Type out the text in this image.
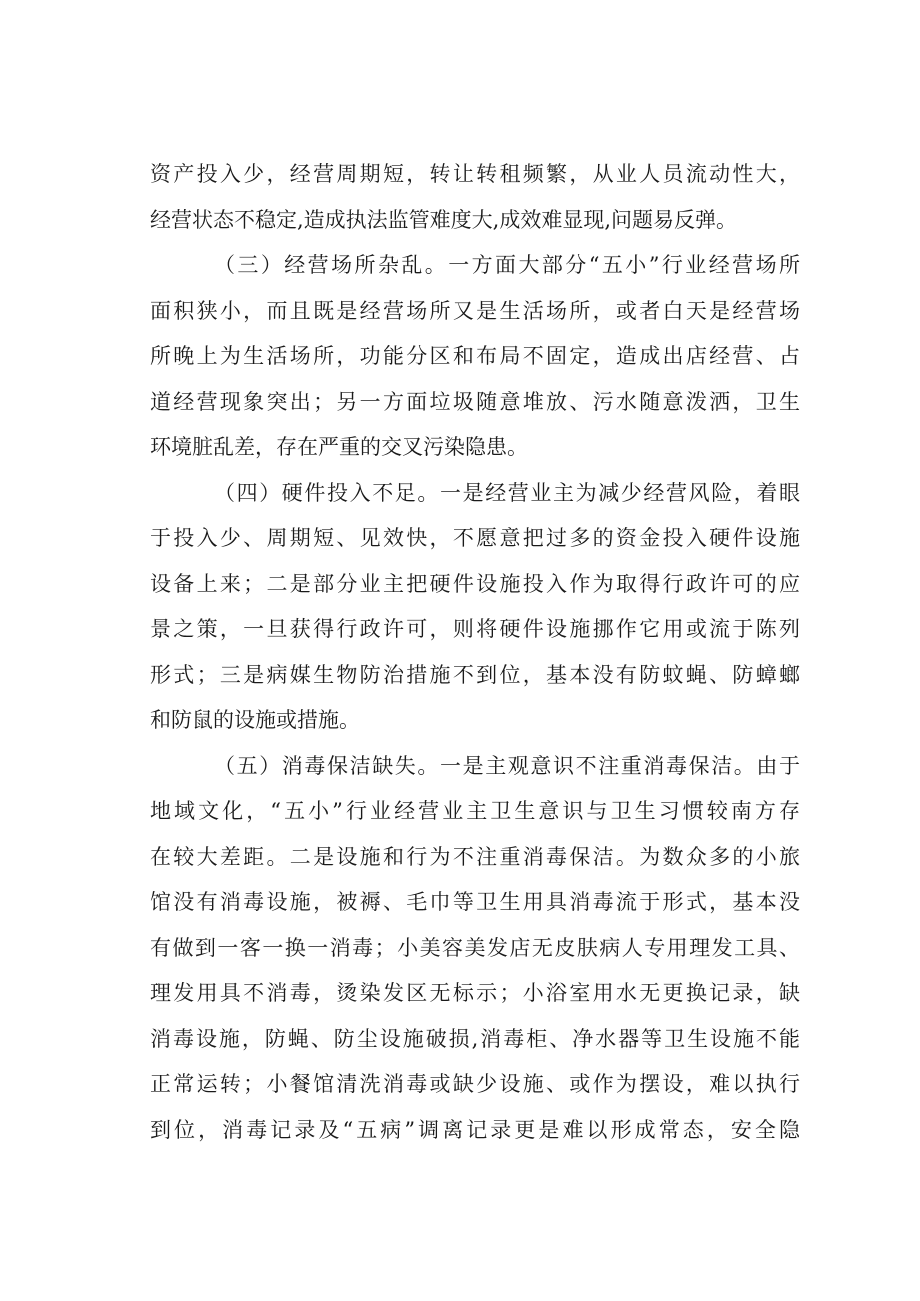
资产投入少，经营周期短，转让转租频繁，从业人员流动性大，
经营状态不稳定,造成执法监管难度大,成效难显现,问题易反弹。
（三）经营场所杂乱。一方面大部分“五小”行业经营场所
面积狭小，而且既是经营场所又是生活场所，或者白天是经营场
所晚上为生活场所，功能分区和布局不固定，造成出店经营、占
道经营现象突出；另一方面垃圾随意堆放、污水随意泼洒，卫生
环境脏乱差，存在严重的交叉污染隐患。
（四）硬件投入不足。一是经营业主为减少经营风险，着眼
于投入少、周期短、见效快，不愿意把过多的资金投入硬件设施
设备上来；二是部分业主把硬件设施投入作为取得行政许可的应
景之策，一旦获得行政许可，则将硬件设施挪作它用或流于陈列
形式；三是病媒生物防治措施不到位，基本没有防蚊蝇、防蟑螂
和防鼠的设施或措施。
（五）消毒保洁缺失。一是主观意识不注重消毒保洁。由于
地域文化，“五小”行业经营业主卫生意识与卫生习惯较南方存
在较大差距。二是设施和行为不注重消毒保洁。为数众多的小旅
馆没有消毒设施，被褥、毛巾等卫生用具消毒流于形式，基本没
有做到一客一换一消毒；小美容美发店无皮肤病人专用理发工具、
理发用具不消毒，烫染发区无标示；小浴室用水无更换记录，缺
消毒设施，防蝇、防尘设施破损,消毒柜、净水器等卫生设施不能
正常运转；小餐馆清洗消毒或缺少设施、或作为摆设，难以执行
到位，消毒记录及“五病”调离记录更是难以形成常态，安全隐
